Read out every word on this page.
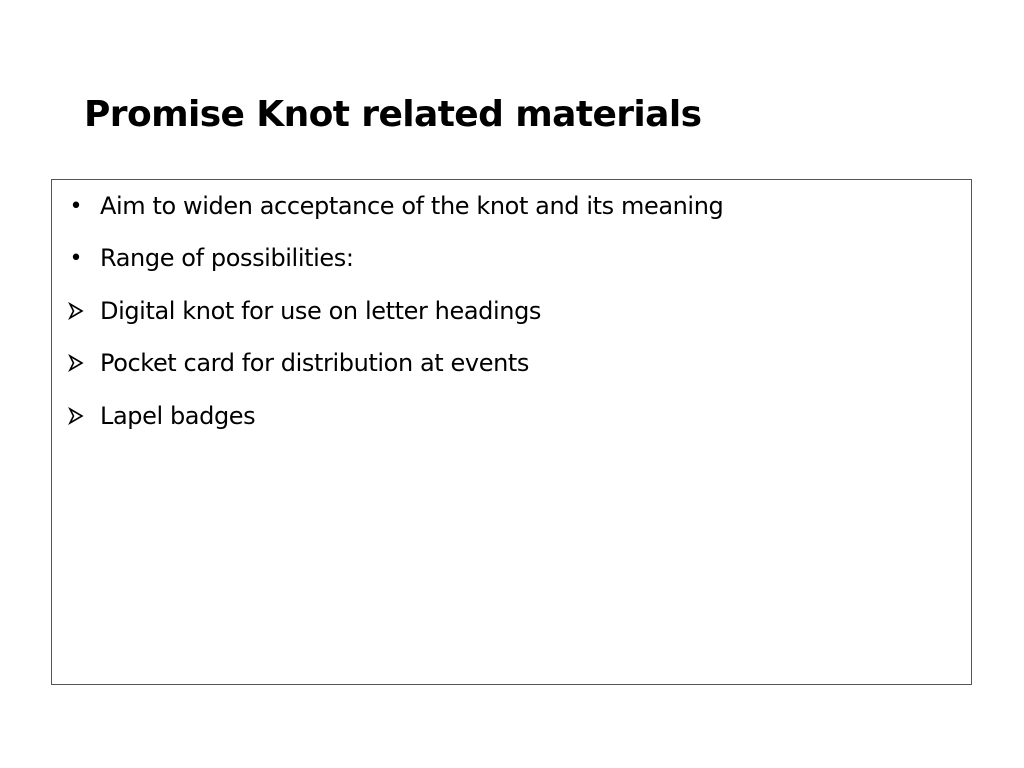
Promise Knot related materials
• Aim to widen acceptance of the knot and its meaning
• Range of possibilities:
Digital knot for use on letter headings
Pocket card for distribution at events
Lapel badges
